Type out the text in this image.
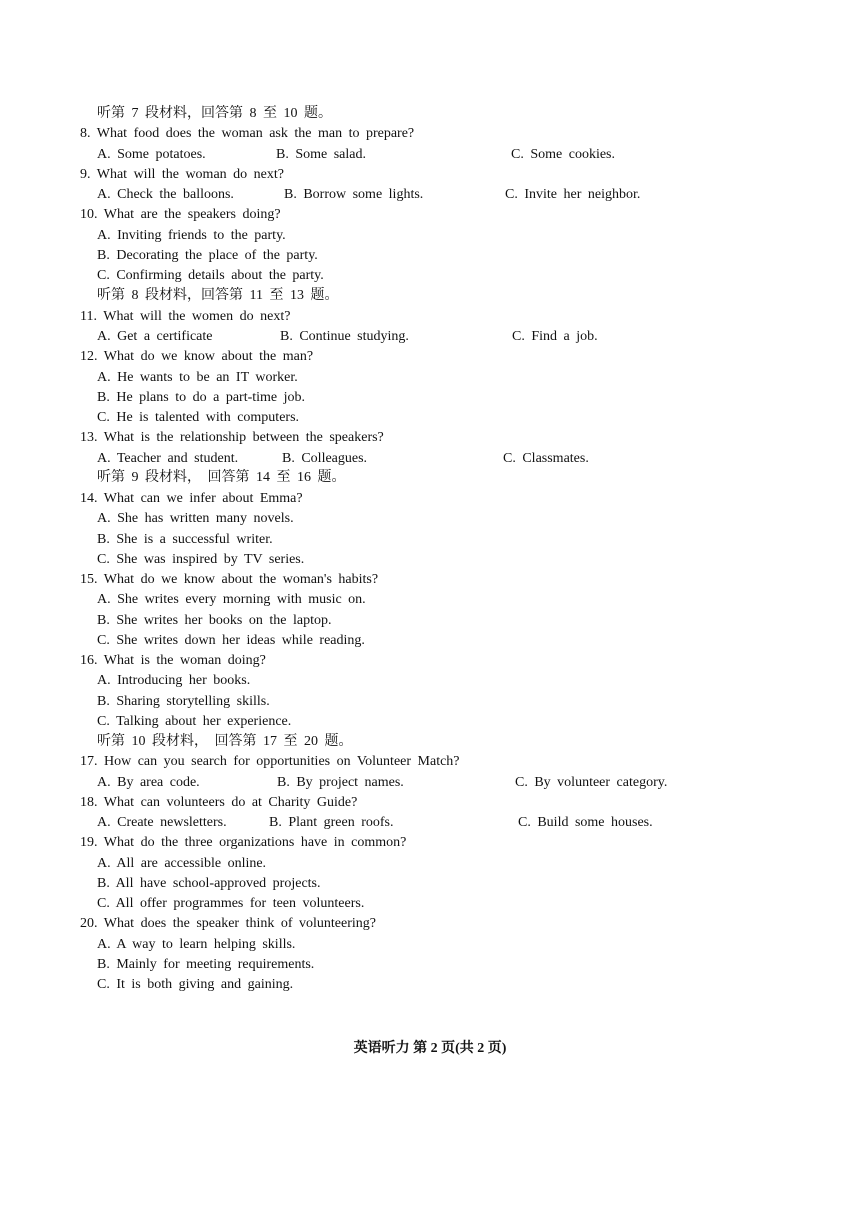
听第 7 段材料，回答第 8 至 10 题。
8. What food does the woman ask the man to prepare?
A. Some potatoes.	B. Some salad.	C. Some cookies.
9. What will the woman do next?
A. Check the balloons.	B. Borrow some lights.	C. Invite her neighbor.
10. What are the speakers doing?
A. Inviting friends to the party.
B. Decorating the place of the party.
C. Confirming details about the party.
听第 8 段材料，回答第 11 至 13 题。
11. What will the women do next?
A. Get a certificate	B. Continue studying.	C. Find a job.
12. What do we know about the man?
A. He wants to be an IT worker.
B. He plans to do a part-time job.
C. He is talented with computers.
13. What is the relationship between the speakers?
A. Teacher and student.	B. Colleagues.	C. Classmates.
听第 9 段材料， 回答第 14 至 16 题。
14. What can we infer about Emma?
A. She has written many novels.
B. She is a successful writer.
C. She was inspired by TV series.
15. What do we know about the woman's habits?
A. She writes every morning with music on.
B. She writes her books on the laptop.
C. She writes down her ideas while reading.
16. What is the woman doing?
A. Introducing her books.
B. Sharing storytelling skills.
C. Talking about her experience.
听第 10 段材料， 回答第 17 至 20 题。
17. How can you search for opportunities on Volunteer Match?
A. By area code.	B. By project names.	C. By volunteer category.
18. What can volunteers do at Charity Guide?
A. Create newsletters.	B. Plant green roofs.	C. Build some houses.
19. What do the three organizations have in common?
A. All are accessible online.
B. All have school-approved projects.
C. All offer programmes for teen volunteers.
20. What does the speaker think of volunteering?
A. A way to learn helping skills.
B. Mainly for meeting requirements.
C. It is both giving and gaining.
英语听力 第 2 页(共 2 页)
